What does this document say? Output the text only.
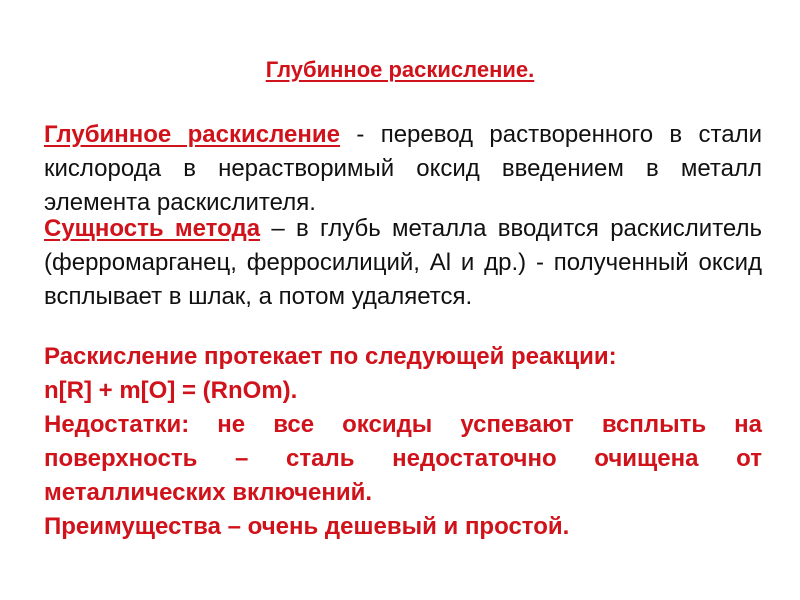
Глубинное раскисление.
Глубинное раскисление - перевод растворенного в стали кислорода в нерастворимый оксид введением в металл элемента раскислителя.
Сущность метода – в глубь металла вводится раскислитель (ферромарганец, ферросилиций, Al и др.) - полученный оксид всплывает в шлак, а потом удаляется.
Раскисление протекает по следующей реакции:
n[R] + m[O] = (RnOm).
Недостатки: не все оксиды успевают всплыть на поверхность – сталь недостаточно очищена от металлических включений.
Преимущества – очень дешевый и простой.
